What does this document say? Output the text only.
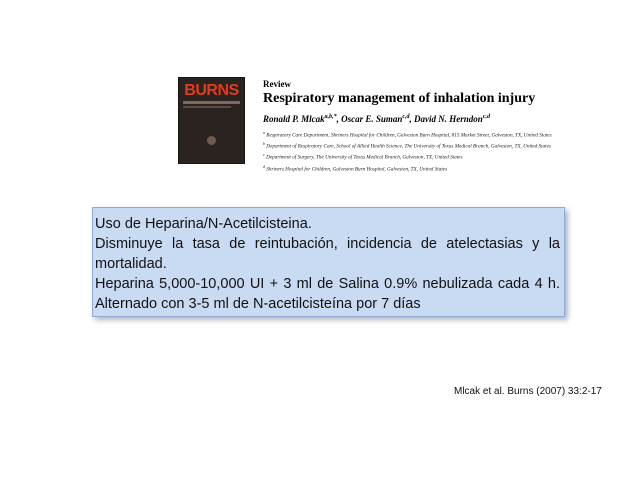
BURNS	Review
Respiratory management of inhalation injury
Ronald P. Mlcak$^{a,b,*}$, Oscar E. Suman$^{c,d}$, David N. Herndon$^{c,d}$
$^a$ Respiratory Care Department, Shriners Hospital for Children, Galveston Burn Hospital, 815 Market Street, Galveston, TX, United States
$^b$ Department of Respiratory Care, School of Allied Health Science, The University of Texas Medical Branch, Galveston, TX, United States
$^c$ Department of Surgery, The University of Texas Medical Branch, Galveston, TX, United States
$^d$ Shriners Hospital for Children, Galveston Burn Hospital, Galveston, TX, United States
Uso de Heparina/N-Acetilcisteina.
Disminuye la tasa de reintubación, incidencia de atelectasias y la
mortalidad.
Heparina 5,000-10,000 UI + 3 ml de Salina 0.9% nebulizada cada 4 h.
Alternado con 3-5 ml de N-acetilcisteína por 7 días
Mlcak et al. Burns (2007) 33:2-17
